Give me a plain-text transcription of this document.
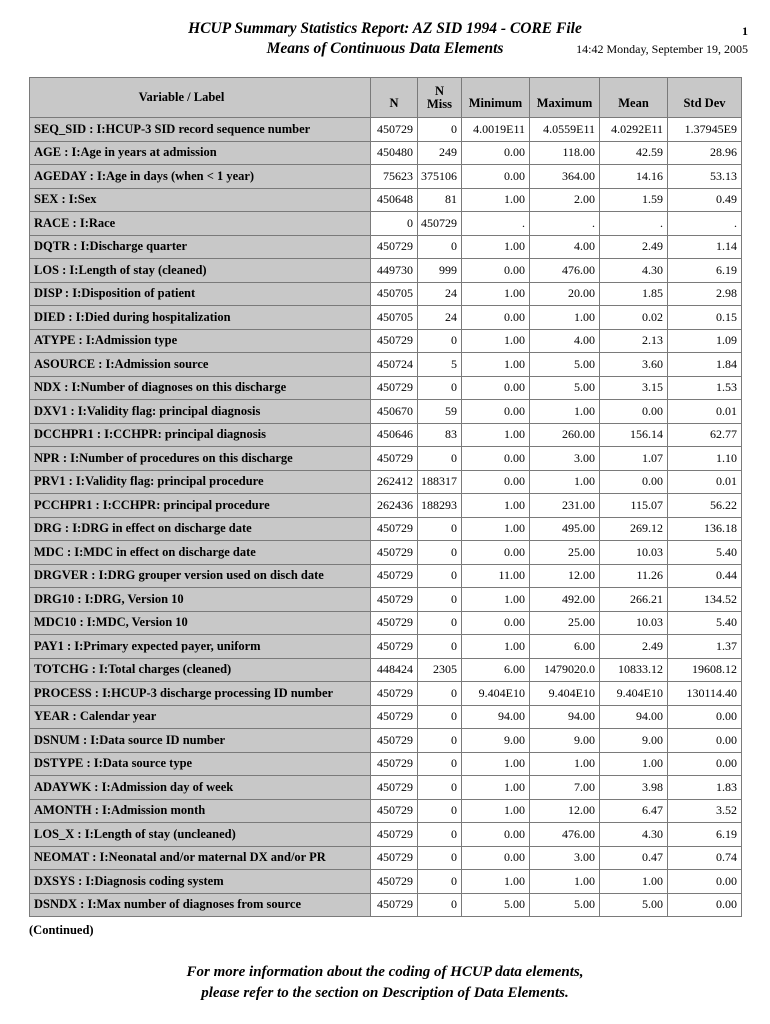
HCUP Summary Statistics Report: AZ SID 1994 - CORE File
Means of Continuous Data Elements
1
14:42 Monday, September 19, 2005
Variable / Label	N	N Miss	Minimum	Maximum	Mean	Std Dev
SEQ_SID : I:HCUP-3 SID record sequence number	450729	0	4.0019E11	4.0559E11	4.0292E11	1.37945E9
AGE : I:Age in years at admission	450480	249	0.00	118.00	42.59	28.96
AGEDAY : I:Age in days (when < 1 year)	75623	375106	0.00	364.00	14.16	53.13
SEX : I:Sex	450648	81	1.00	2.00	1.59	0.49
RACE : I:Race	0	450729	.	.	.	.
DQTR : I:Discharge quarter	450729	0	1.00	4.00	2.49	1.14
LOS : I:Length of stay (cleaned)	449730	999	0.00	476.00	4.30	6.19
DISP : I:Disposition of patient	450705	24	1.00	20.00	1.85	2.98
DIED : I:Died during hospitalization	450705	24	0.00	1.00	0.02	0.15
ATYPE : I:Admission type	450729	0	1.00	4.00	2.13	1.09
ASOURCE : I:Admission source	450724	5	1.00	5.00	3.60	1.84
NDX : I:Number of diagnoses on this discharge	450729	0	0.00	5.00	3.15	1.53
DXV1 : I:Validity flag: principal diagnosis	450670	59	0.00	1.00	0.00	0.01
DCCHPR1 : I:CCHPR: principal diagnosis	450646	83	1.00	260.00	156.14	62.77
NPR : I:Number of procedures on this discharge	450729	0	0.00	3.00	1.07	1.10
PRV1 : I:Validity flag: principal procedure	262412	188317	0.00	1.00	0.00	0.01
PCCHPR1 : I:CCHPR: principal procedure	262436	188293	1.00	231.00	115.07	56.22
DRG : I:DRG in effect on discharge date	450729	0	1.00	495.00	269.12	136.18
MDC : I:MDC in effect on discharge date	450729	0	0.00	25.00	10.03	5.40
DRGVER : I:DRG grouper version used on disch date	450729	0	11.00	12.00	11.26	0.44
DRG10 : I:DRG, Version 10	450729	0	1.00	492.00	266.21	134.52
MDC10 : I:MDC, Version 10	450729	0	0.00	25.00	10.03	5.40
PAY1 : I:Primary expected payer, uniform	450729	0	1.00	6.00	2.49	1.37
TOTCHG : I:Total charges (cleaned)	448424	2305	6.00	1479020.0	10833.12	19608.12
PROCESS : I:HCUP-3 discharge processing ID number	450729	0	9.404E10	9.404E10	9.404E10	130114.40
YEAR : Calendar year	450729	0	94.00	94.00	94.00	0.00
DSNUM : I:Data source ID number	450729	0	9.00	9.00	9.00	0.00
DSTYPE : I:Data source type	450729	0	1.00	1.00	1.00	0.00
ADAYWK : I:Admission day of week	450729	0	1.00	7.00	3.98	1.83
AMONTH : I:Admission month	450729	0	1.00	12.00	6.47	3.52
LOS_X : I:Length of stay (uncleaned)	450729	0	0.00	476.00	4.30	6.19
NEOMAT : I:Neonatal and/or maternal DX and/or PR	450729	0	0.00	3.00	0.47	0.74
DXSYS : I:Diagnosis coding system	450729	0	1.00	1.00	1.00	0.00
DSNDX : I:Max number of diagnoses from source	450729	0	5.00	5.00	5.00	0.00
(Continued)
For more information about the coding of HCUP data elements,
please refer to the section on Description of Data Elements.
